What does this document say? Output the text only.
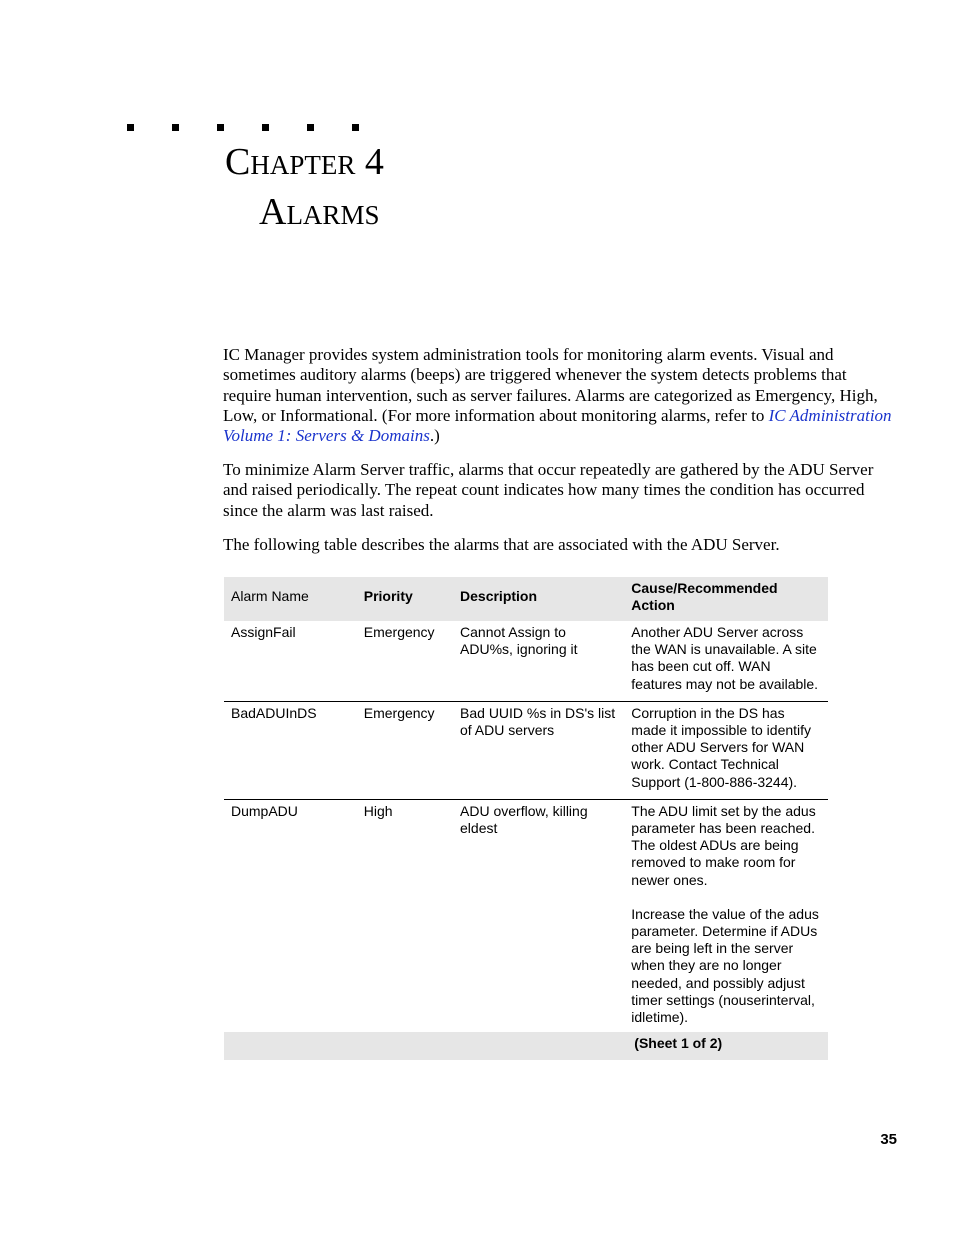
Chapter 4
Alarms
IC Manager provides system administration tools for monitoring alarm events. Visual and sometimes auditory alarms (beeps) are triggered whenever the system detects problems that require human intervention, such as server failures. Alarms are categorized as Emergency, High, Low, or Informational. (For more information about monitoring alarms, refer to IC Administration Volume 1: Servers & Domains.)
To minimize Alarm Server traffic, alarms that occur repeatedly are gathered by the ADU Server and raised periodically. The repeat count indicates how many times the condition has occurred since the alarm was last raised.
The following table describes the alarms that are associated with the ADU Server.
Alarm Name	Priority	Description	Cause/Recommended Action
AssignFail	Emergency	Cannot Assign to ADU%s, ignoring it	Another ADU Server across the WAN is unavailable. A site has been cut off. WAN features may not be available.
BadADUInDS	Emergency	Bad UUID %s in DS's list of ADU servers	Corruption in the DS has made it impossible to identify other ADU Servers for WAN work. Contact Technical Support (1-800-886-3244).
DumpADU	High	ADU overflow, killing eldest	The ADU limit set by the adus parameter has been reached. The oldest ADUs are being removed to make room for newer ones.
Increase the value of the adus parameter. Determine if ADUs are being left in the server when they are no longer needed, and possibly adjust timer settings (nouserinterval, idletime).

			(Sheet 1 of 2)
35
